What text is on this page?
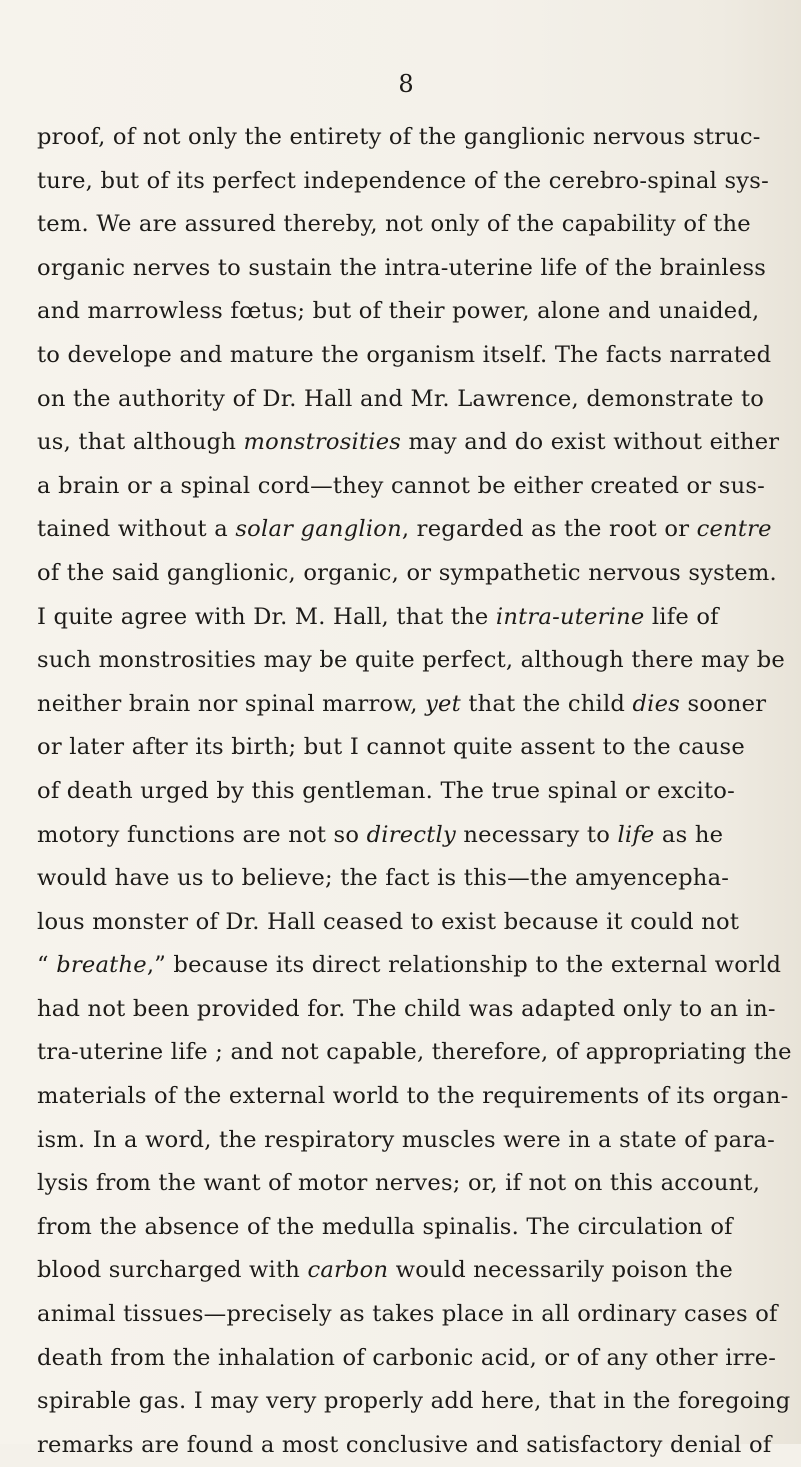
8
proof, of not only the entirety of the ganglionic nervous struc-
ture, but of its perfect independence of the cerebro-spinal sys-
tem. We are assured thereby, not only of the capability of the
organic nerves to sustain the intra-uterine life of the brainless
and marrowless fœtus; but of their power, alone and unaided,
to develope and mature the organism itself. The facts narrated
on the authority of Dr. Hall and Mr. Lawrence, demonstrate to
us, that although monstrosities may and do exist without either
a brain or a spinal cord—they cannot be either created or sus-
tained without a solar ganglion, regarded as the root or centre
of the said ganglionic, organic, or sympathetic nervous system.
I quite agree with Dr. M. Hall, that the intra-uterine life of
such monstrosities may be quite perfect, although there may be
neither brain nor spinal marrow, yet that the child dies sooner
or later after its birth; but I cannot quite assent to the cause
of death urged by this gentleman. The true spinal or excito-
motory functions are not so directly necessary to life as he
would have us to believe; the fact is this—the amyencepha-
lous monster of Dr. Hall ceased to exist because it could not
“ breathe,” because its direct relationship to the external world
had not been provided for. The child was adapted only to an in-
tra-uterine life ; and not capable, therefore, of appropriating the
materials of the external world to the requirements of its organ-
ism. In a word, the respiratory muscles were in a state of para-
lysis from the want of motor nerves; or, if not on this account,
from the absence of the medulla spinalis. The circulation of
blood surcharged with carbon would necessarily poison the
animal tissues—precisely as takes place in all ordinary cases of
death from the inhalation of carbonic acid, or of any other irre-
spirable gas. I may very properly add here, that in the foregoing
remarks are found a most conclusive and satisfactory denial of
